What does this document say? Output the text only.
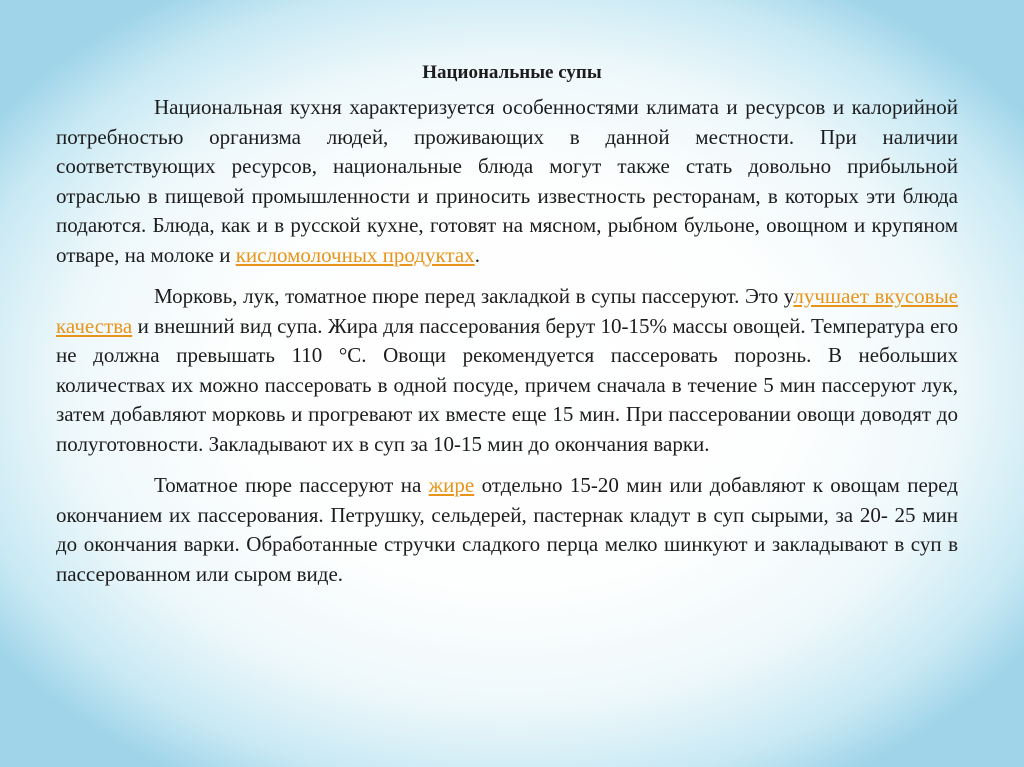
Национальные супы

Национальная кухня характеризуется особенностями климата и ресурсов и калорийной потребностью организма людей, проживающих в данной местности. При наличии соответствующих ресурсов, национальные блюда могут также стать довольно прибыльной отраслью в пищевой промышленности и приносить известность ресторанам, в которых эти блюда подаются. Блюда, как и в русской кухне, готовят на мясном, рыбном бульоне, овощном и крупяном отваре, на молоке и кисломолочных продуктах.

Морковь, лук, томатное пюре перед закладкой в супы пассеруют. Это улучшает вкусовые качества и внешний вид супа. Жира для пассерования берут 10-15% массы овощей. Температура его не должна превышать 110 °С. Овощи рекомендуется пассеровать порознь. В небольших количествах их можно пассеровать в одной посуде, причем сначала в течение 5 мин пассеруют лук, затем добавляют морковь и прогревают их вместе еще 15 мин. При пассеровании овощи доводят до полуготовности. Закладывают их в суп за 10-15 мин до окончания варки.

Томатное пюре пассеруют на жире отдельно 15-20 мин или добавляют к овощам перед окончанием их пассерования. Петрушку, сельдерей, пастернак кладут в суп сырыми, за 20- 25 мин до окончания варки. Обработанные стручки сладкого перца мелко шинкуют и закладывают в суп в пассерованном или сыром виде.
